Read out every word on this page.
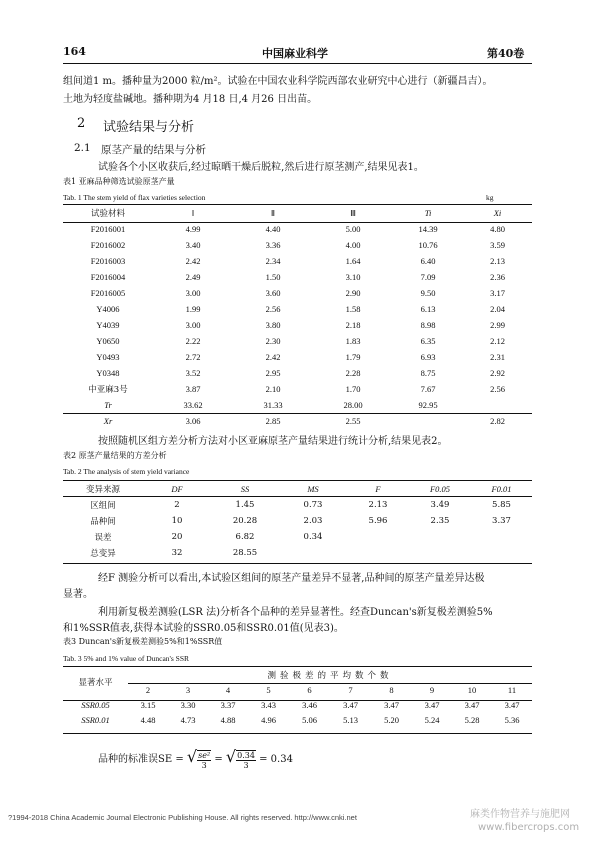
164	中国麻业科学	第40卷
组间道1 m。播种量为2000 粒/m²。试验在中国农业科学院西部农业研究中心进行（新疆昌吉）。
土地为轻度盐碱地。播种期为4 月18 日,4 月26 日出苗。
2 试验结果与分析
2.1 原茎产量的结果与分析
试验各个小区收获后,经过晾晒干燥后脱粒,然后进行原茎测产,结果见表1。
表1 亚麻品种筛选试验原茎产量
Tab. 1 The stem yield of flax varieties selection	kg
试验材料	Ⅰ	Ⅱ	Ⅲ	Ti	Xi
F2016001	4.99	4.40	5.00	14.39	4.80
F2016002	3.40	3.36	4.00	10.76	3.59
F2016003	2.42	2.34	1.64	6.40	2.13
F2016004	2.49	1.50	3.10	7.09	2.36
F2016005	3.00	3.60	2.90	9.50	3.17
Y4006	1.99	2.56	1.58	6.13	2.04
Y4039	3.00	3.80	2.18	8.98	2.99
Y0650	2.22	2.30	1.83	6.35	2.12
Y0493	2.72	2.42	1.79	6.93	2.31
Y0348	3.52	2.95	2.28	8.75	2.92
中亚麻3号	3.87	2.10	1.70	7.67	2.56
Tr	33.62	31.33	28.00	92.95	
Xr	3.06	2.85	2.55		2.82
按照随机区组方差分析方法对小区亚麻原茎产量结果进行统计分析,结果见表2。
表2 原茎产量结果的方差分析
Tab. 2 The analysis of stem yield variance
变异来源	DF	SS	MS	F	F0.05	F0.01
区组间	2	1.45	0.73	2.13	3.49	5.85
品种间	10	20.28	2.03	5.96	2.35	3.37
误差	20	6.82	0.34			
总变异	32	28.55				
经F 测验分析可以看出,本试验区组间的原茎产量差异不显著,品种间的原茎产量差异达极
显著。
利用新复极差测验(LSR 法)分析各个品种的差异显著性。经查Duncan's新复极差测验5%
和1%SSR值表,获得本试验的SSR0.05和SSR0.01值(见表3)。
表3 Duncan's新复极差测验5%和1%SSR值
Tab. 3 5% and 1% value of Duncan's SSR
显著水平	测验极差的平均数个数									
	2	3	4	5	6	7	8	9	10	11
SSR0.05	3.15	3.30	3.37	3.43	3.46	3.47	3.47	3.47	3.47	3.47
SSR0.01	4.48	4.73	4.88	4.96	5.06	5.13	5.20	5.24	5.28	5.36
品种的标准误SE = √ $\frac{\text{se²}}{3}$ = √ $\frac{0.34}{3} = 0.34$
?1994-2018 China Academic Journal Electronic Publishing House. All rights reserved. http://www.cnki.net	麻类作物营养与施肥网
www.fibercrops.com
